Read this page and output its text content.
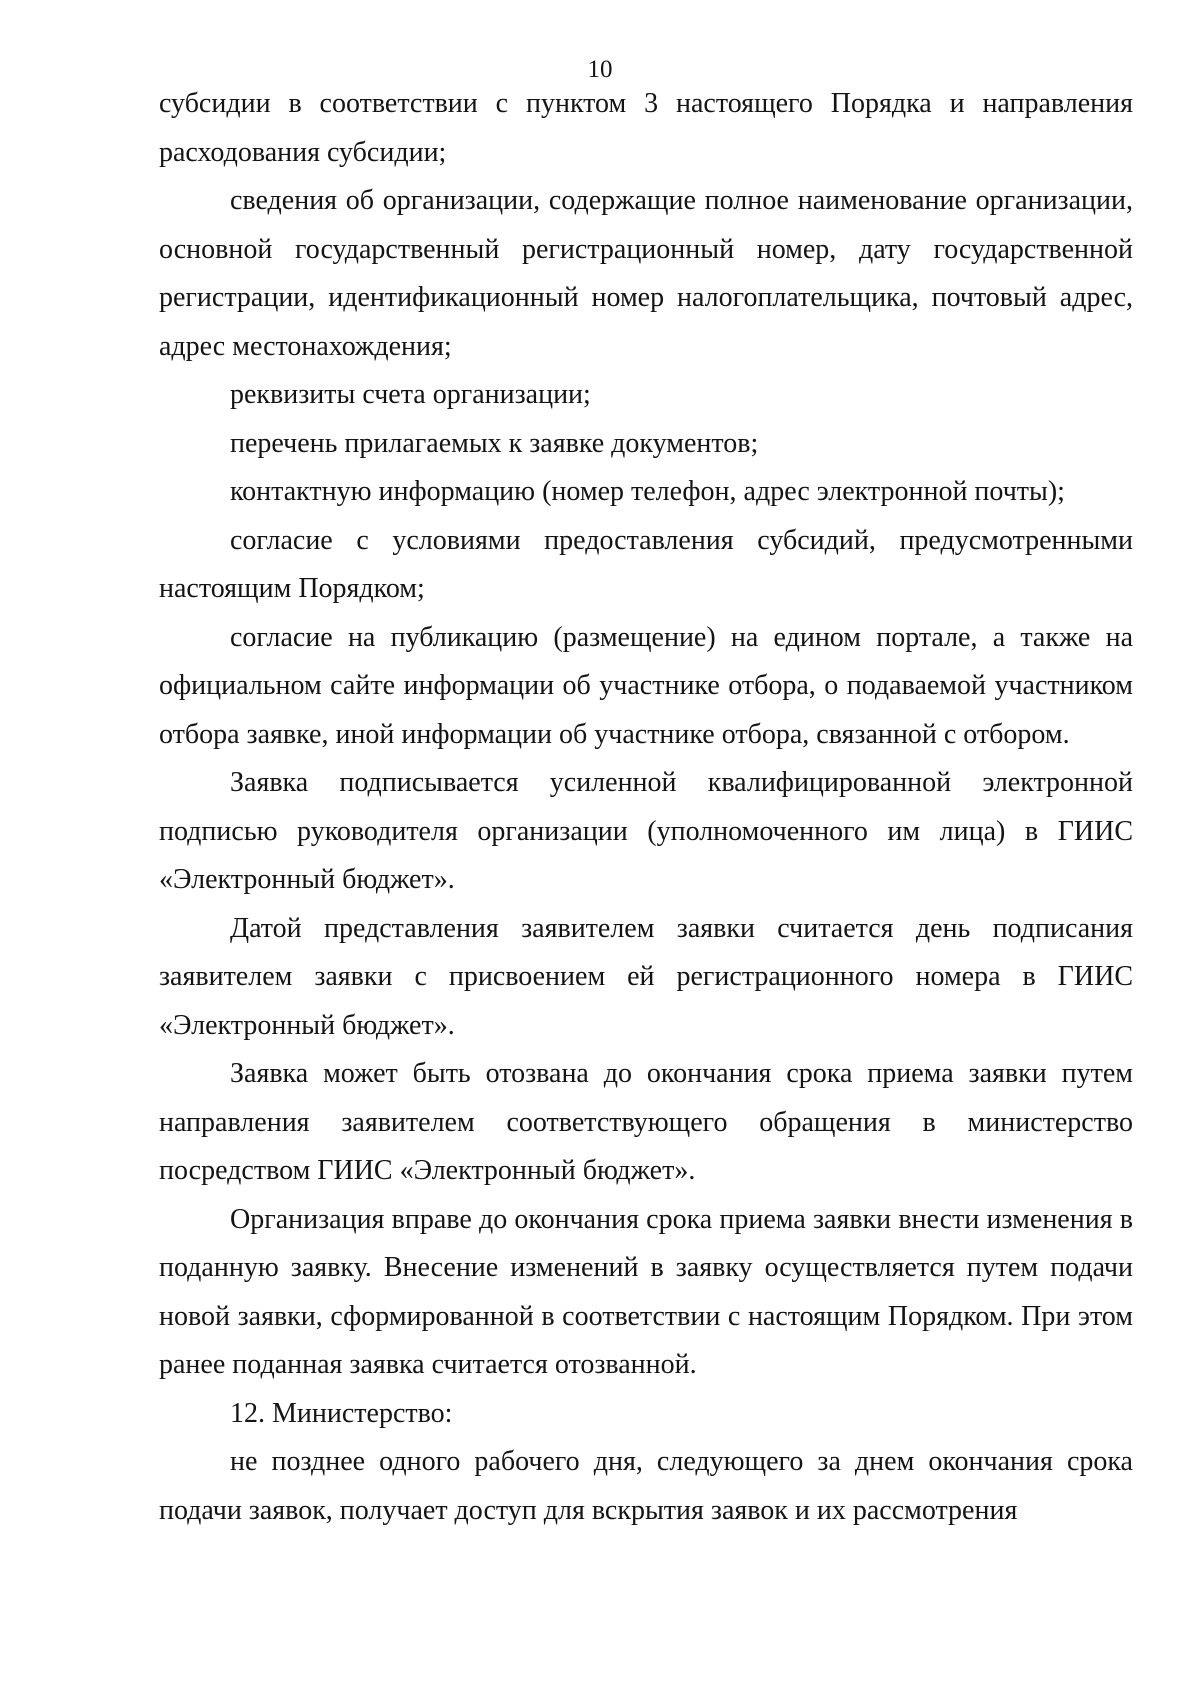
10

субсидии в соответствии с пунктом 3 настоящего Порядка и направления расходования субсидии;

сведения об организации, содержащие полное наименование организации, основной государственный регистрационный номер, дату государственной регистрации, идентификационный номер налогоплательщика, почтовый адрес, адрес местонахождения;

реквизиты счета организации;

перечень прилагаемых к заявке документов;

контактную информацию (номер телефон, адрес электронной почты);

согласие с условиями предоставления субсидий, предусмотренными настоящим Порядком;

согласие на публикацию (размещение) на едином портале, а также на официальном сайте информации об участнике отбора, о подаваемой участником отбора заявке, иной информации об участнике отбора, связанной с отбором.

Заявка подписывается усиленной квалифицированной электронной подписью руководителя организации (уполномоченного им лица) в ГИИС «Электронный бюджет».

Датой представления заявителем заявки считается день подписания заявителем заявки с присвоением ей регистрационного номера в ГИИС «Электронный бюджет».

Заявка может быть отозвана до окончания срока приема заявки путем направления заявителем соответствующего обращения в министерство посредством ГИИС «Электронный бюджет».

Организация вправе до окончания срока приема заявки внести изменения в поданную заявку. Внесение изменений в заявку осуществляется путем подачи новой заявки, сформированной в соответствии с настоящим Порядком. При этом ранее поданная заявка считается отозванной.

12. Министерство:

не позднее одного рабочего дня, следующего за днем окончания срока подачи заявок, получает доступ для вскрытия заявок и их рассмотрения
